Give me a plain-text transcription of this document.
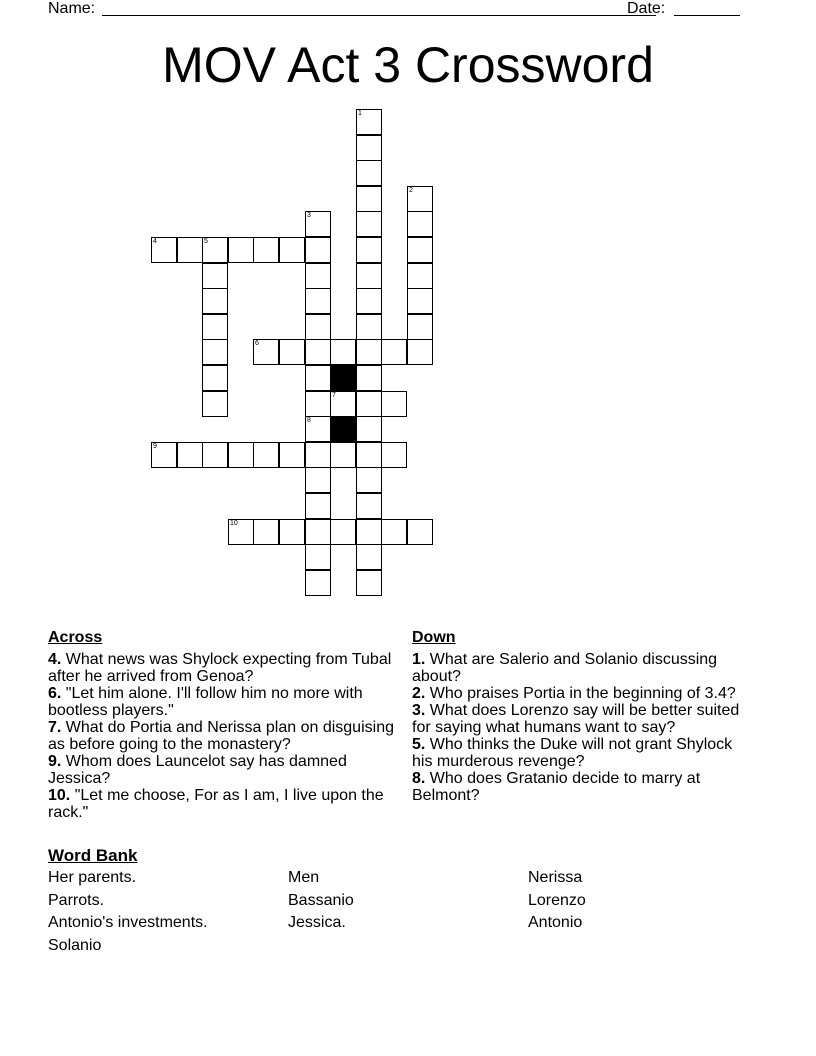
Name:	Date:
MOV Act 3 Crossword
1
2
3
8
5
4
6
7
9
10
Across
4. What news was Shylock expecting from Tubal after he arrived from Genoa?
6. "Let him alone. I'll follow him no more with bootless players."
7. What do Portia and Nerissa plan on disguising as before going to the monastery?
9. Whom does Launcelot say has damned Jessica?
10. "Let me choose, For as I am, I live upon the rack."
Down
1. What are Salerio and Solanio discussing about?
2. Who praises Portia in the beginning of 3.4?
3. What does Lorenzo say will be better suited for saying what humans want to say?
5. Who thinks the Duke will not grant Shylock his murderous revenge?
8. Who does Gratanio decide to marry at Belmont?
Word Bank
Her parents.
Parrots.
Antonio's investments.
Solanio
Men
Bassanio
Jessica.
Nerissa
Lorenzo
Antonio
